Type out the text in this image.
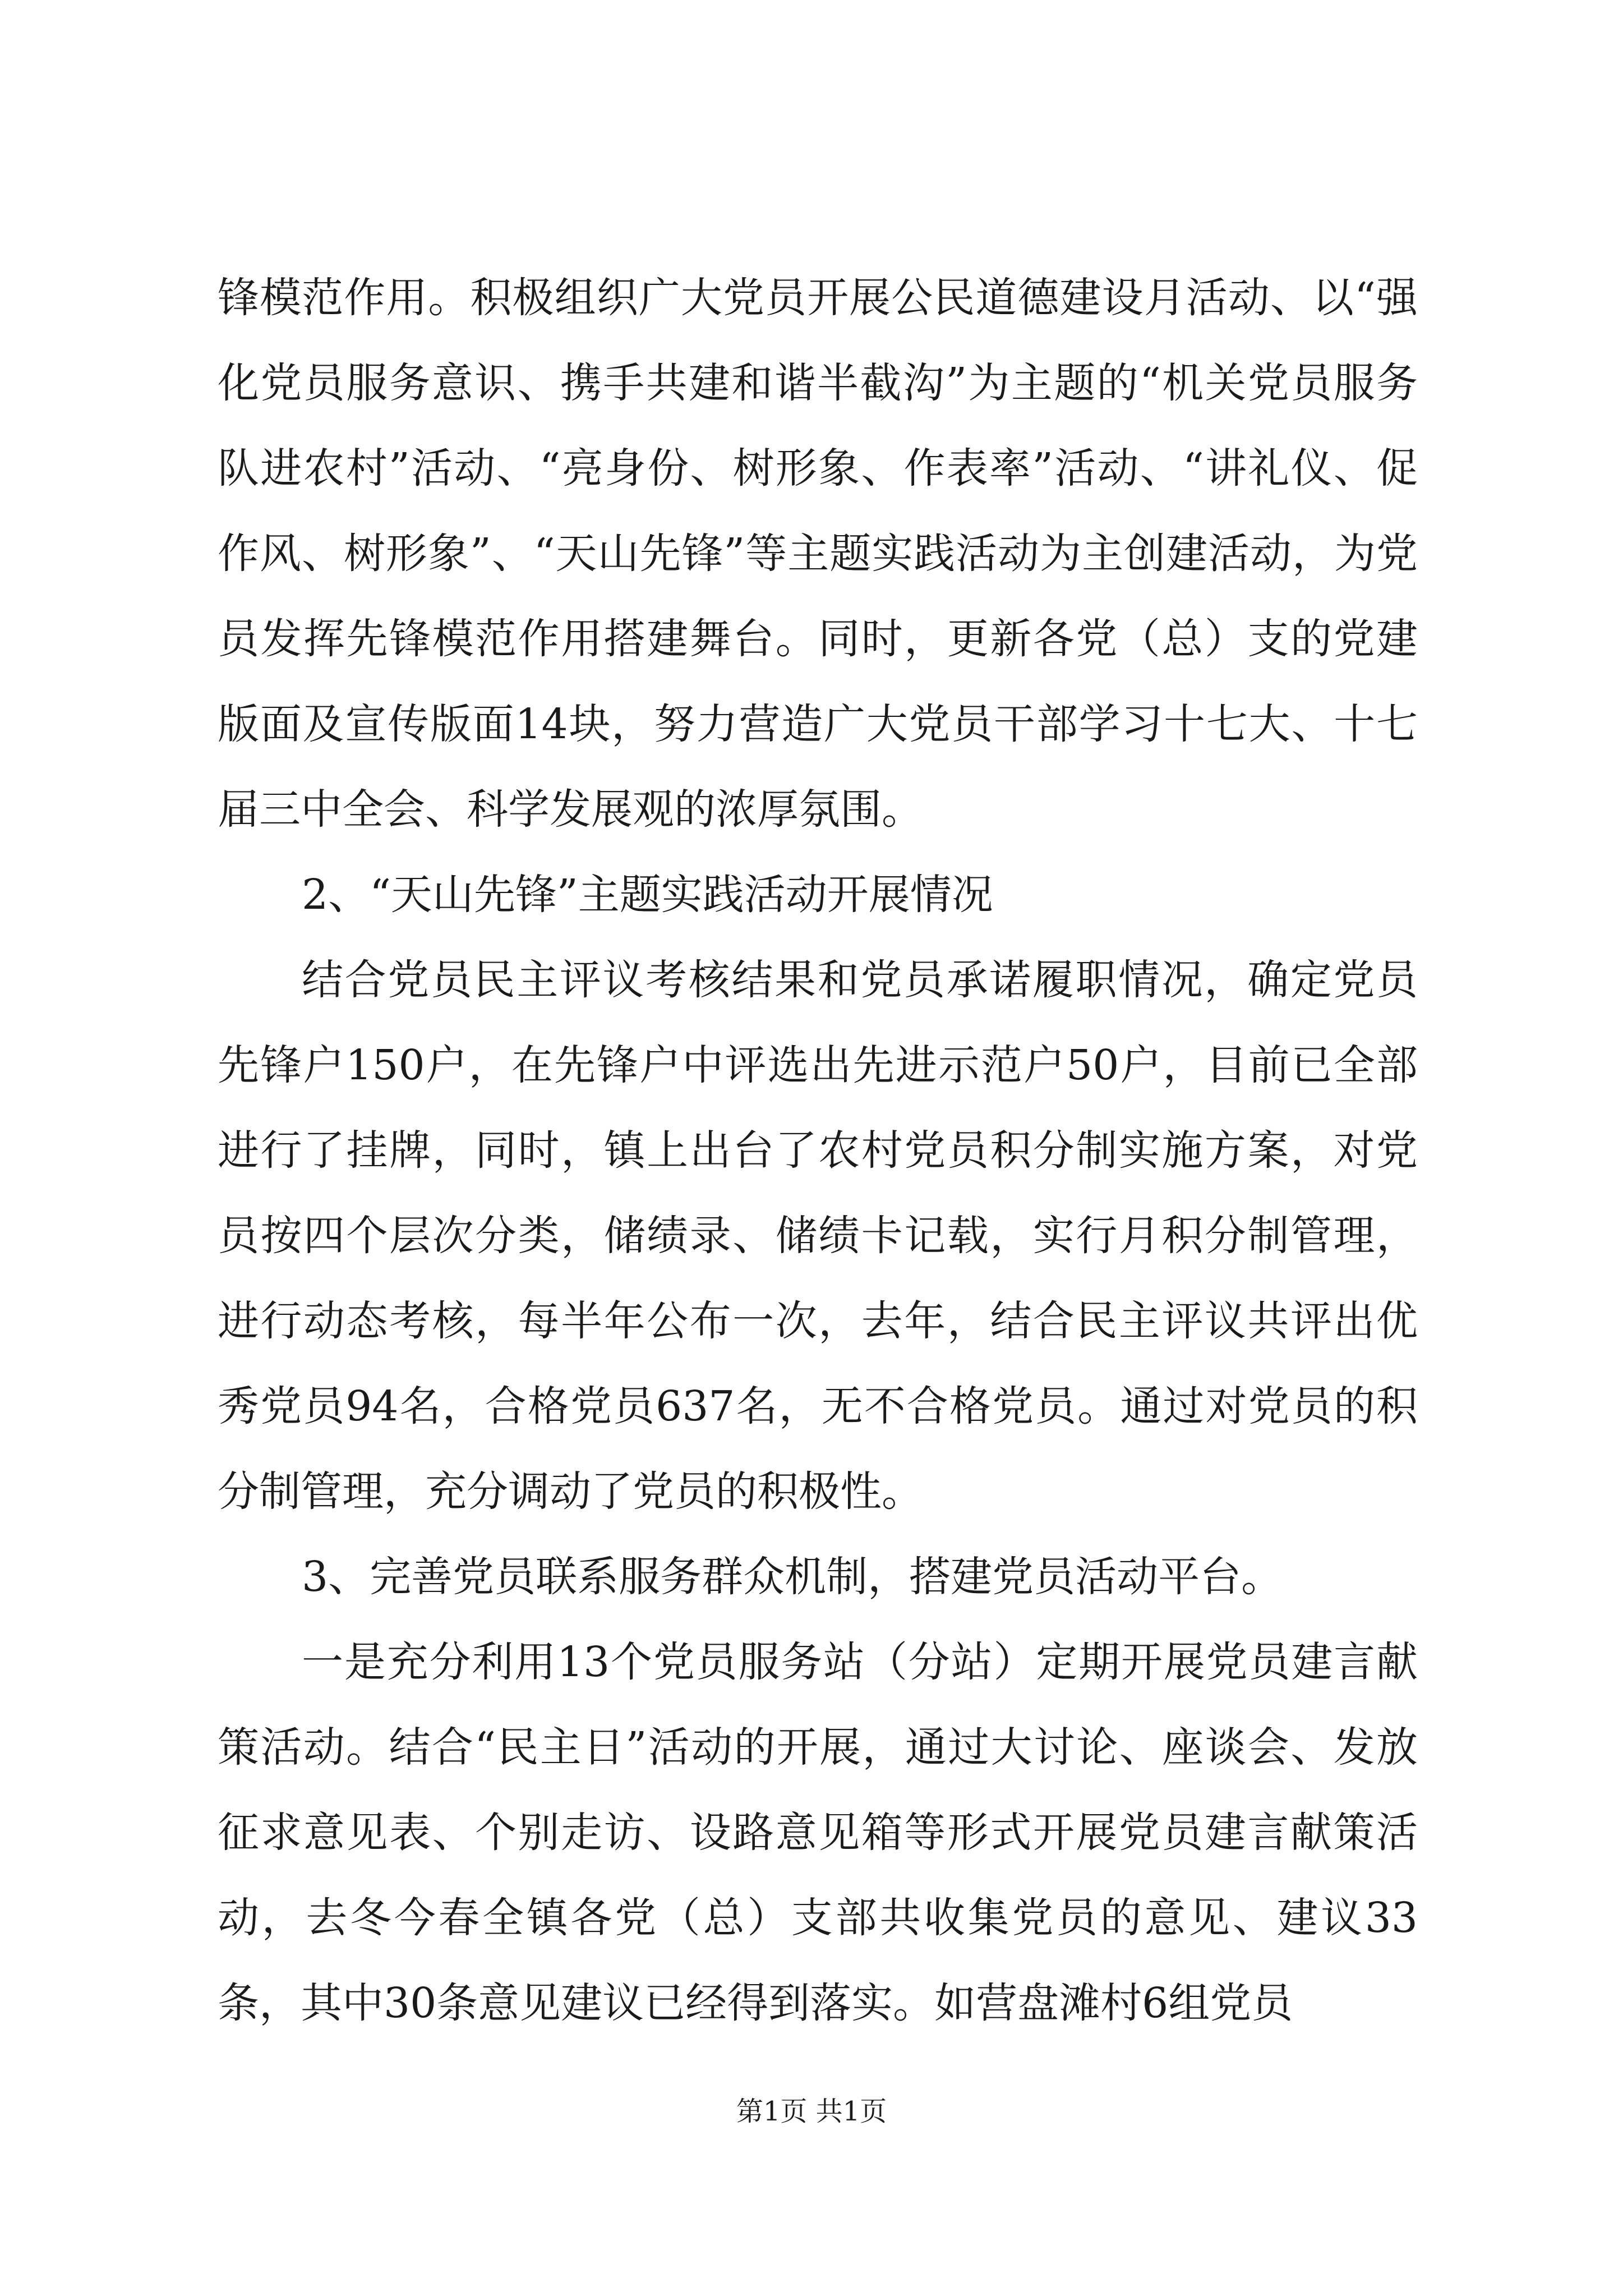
锋模范作用。积极组织广大党员开展公民道德建设月活动、以“强化党员服务意识、携手共建和谐半截沟”为主题的“机关党员服务队进农村”活动、“亮身份、树形象、作表率”活动、“讲礼仪、促作风、树形象”、“天山先锋”等主题实践活动为主创建活动，为党员发挥先锋模范作用搭建舞台。同时，更新各党（总）支的党建版面及宣传版面14块，努力营造广大党员干部学习十七大、十七届三中全会、科学发展观的浓厚氛围。

2、“天山先锋”主题实践活动开展情况

结合党员民主评议考核结果和党员承诺履职情况，确定党员先锋户150户，在先锋户中评选出先进示范户50户，目前已全部进行了挂牌，同时，镇上出台了农村党员积分制实施方案，对党员按四个层次分类，储绩录、储绩卡记载，实行月积分制管理，进行动态考核，每半年公布一次，去年，结合民主评议共评出优秀党员94名，合格党员637名，无不合格党员。通过对党员的积分制管理，充分调动了党员的积极性。

3、完善党员联系服务群众机制，搭建党员活动平台。

一是充分利用13个党员服务站（分站）定期开展党员建言献策活动。结合“民主日”活动的开展，通过大讨论、座谈会、发放征求意见表、个别走访、设路意见箱等形式开展党员建言献策活动，去冬今春全镇各党（总）支部共收集党员的意见、建议33条，其中30条意见建议已经得到落实。如营盘滩村6组党员

第1页 共1页
